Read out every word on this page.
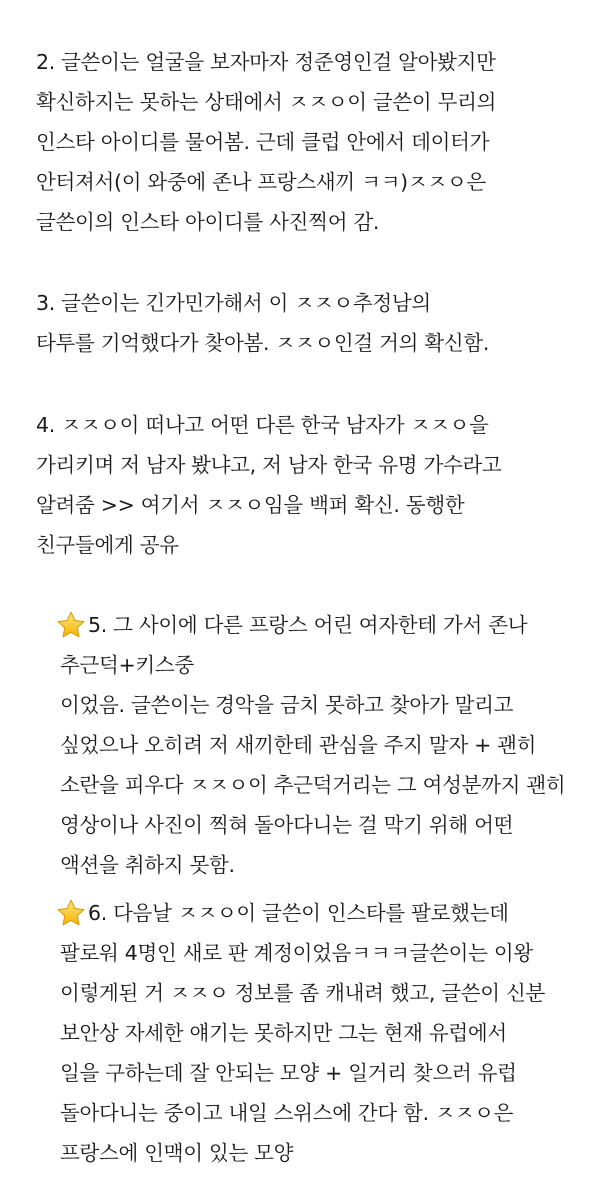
2. 글쓴이는 얼굴을 보자마자 정준영인걸 알아봤지만
확신하지는 못하는 상태에서 ㅈㅈㅇ이 글쓴이 무리의
인스타 아이디를 물어봄. 근데 클럽 안에서 데이터가
안터져서(이 와중에 존나 프랑스새끼 ㅋㅋ)ㅈㅈㅇ은
글쓴이의 인스타 아이디를 사진찍어 감.
3. 글쓴이는 긴가민가해서 이 ㅈㅈㅇ추정남의
타투를 기억했다가 찾아봄. ㅈㅈㅇ인걸 거의 확신함.
4. ㅈㅈㅇ이 떠나고 어떤 다른 한국 남자가 ㅈㅈㅇ을
가리키며 저 남자 봤냐고, 저 남자 한국 유명 가수라고
알려줌 >> 여기서 ㅈㅈㅇ임을 백퍼 확신. 동행한
친구들에게 공유
5. 그 사이에 다른 프랑스 어린 여자한테 가서 존나
추근덕+키스중
이었음. 글쓴이는 경악을 금치 못하고 찾아가 말리고
싶었으나 오히려 저 새끼한테 관심을 주지 말자 + 괜히
소란을 피우다 ㅈㅈㅇ이 추근덕거리는 그 여성분까지 괜히
영상이나 사진이 찍혀 돌아다니는 걸 막기 위해 어떤
액션을 취하지 못함.
6. 다음날 ㅈㅈㅇ이 글쓴이 인스타를 팔로했는데
팔로워 4명인 새로 판 계정이었음ㅋㅋㅋ글쓴이는 이왕
이렇게된 거 ㅈㅈㅇ 정보를 좀 캐내려 했고, 글쓴이 신분
보안상 자세한 얘기는 못하지만 그는 현재 유럽에서
일을 구하는데 잘 안되는 모양 + 일거리 찾으러 유럽
돌아다니는 중이고 내일 스위스에 간다 함. ㅈㅈㅇ은
프랑스에 인맥이 있는 모양
